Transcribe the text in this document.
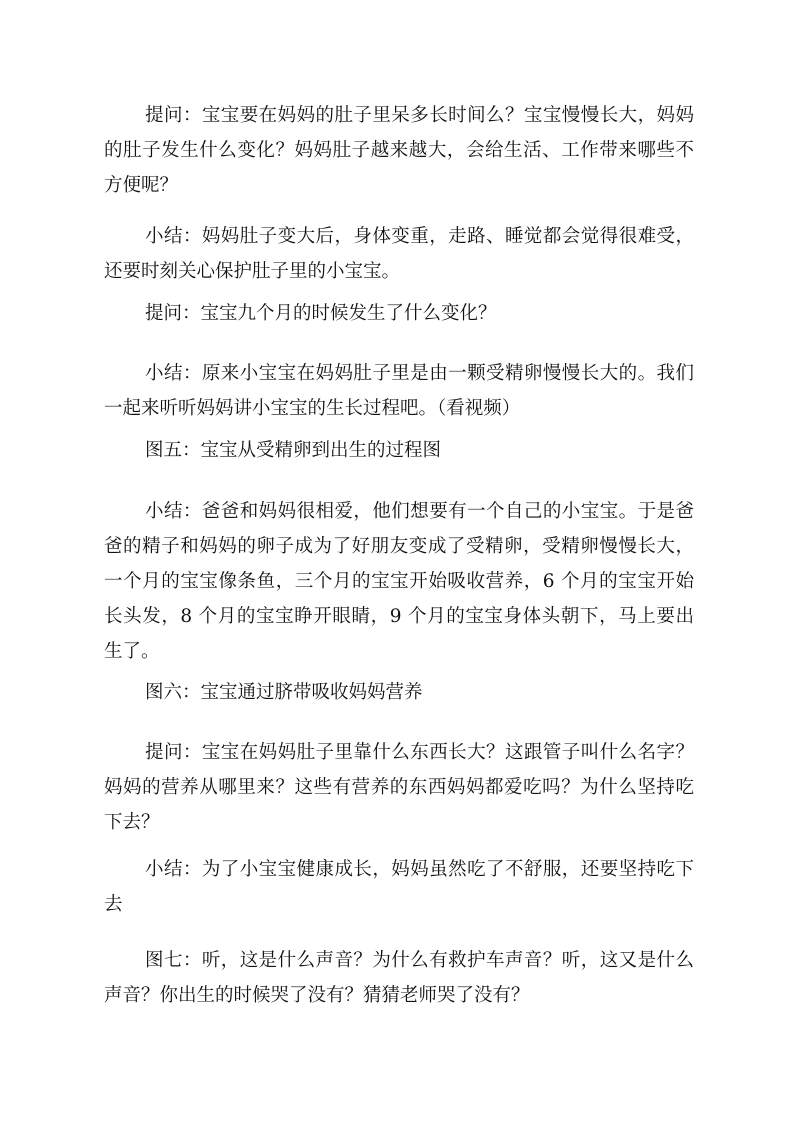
提问：宝宝要在妈妈的肚子里呆多长时间么？宝宝慢慢长大，妈妈的肚子发生什么变化？妈妈肚子越来越大，会给生活、工作带来哪些不方便呢？

小结：妈妈肚子变大后，身体变重，走路、睡觉都会觉得很难受，还要时刻关心保护肚子里的小宝宝。

提问：宝宝九个月的时候发生了什么变化？

小结：原来小宝宝在妈妈肚子里是由一颗受精卵慢慢长大的。我们一起来听听妈妈讲小宝宝的生长过程吧。（看视频）

图五：宝宝从受精卵到出生的过程图

小结：爸爸和妈妈很相爱，他们想要有一个自己的小宝宝。于是爸爸的精子和妈妈的卵子成为了好朋友变成了受精卵，受精卵慢慢长大，一个月的宝宝像条鱼，三个月的宝宝开始吸收营养，6 个月的宝宝开始长头发，8 个月的宝宝睁开眼睛，9 个月的宝宝身体头朝下，马上要出生了。

图六：宝宝通过脐带吸收妈妈营养

提问：宝宝在妈妈肚子里靠什么东西长大？这跟管子叫什么名字？妈妈的营养从哪里来？这些有营养的东西妈妈都爱吃吗？为什么坚持吃下去？

小结：为了小宝宝健康成长，妈妈虽然吃了不舒服，还要坚持吃下去

图七：听，这是什么声音？为什么有救护车声音？听，这又是什么声音？你出生的时候哭了没有？猜猜老师哭了没有？
